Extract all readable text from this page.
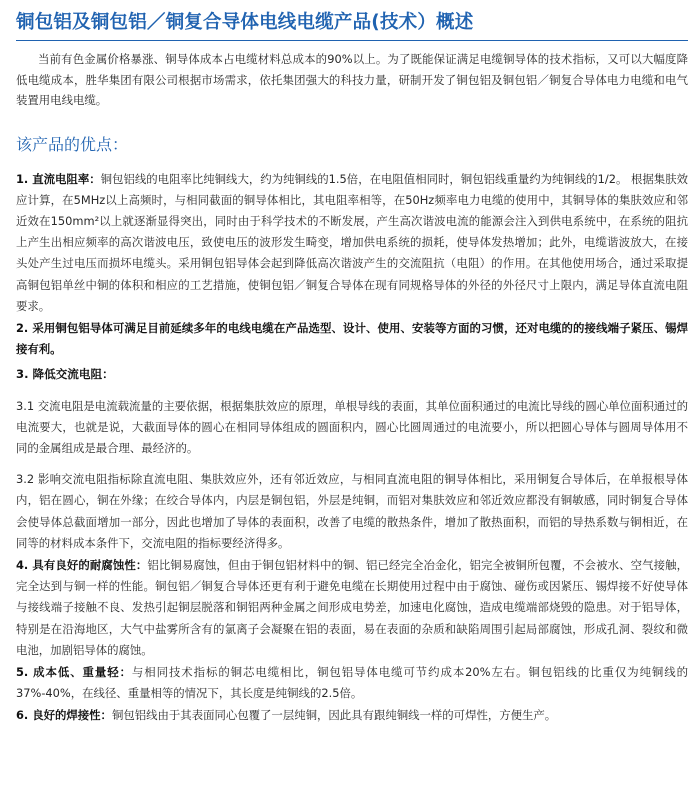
铜包铝及铜包铝／铜复合导体电线电缆产品(技术）概述

当前有色金属价格暴涨、铜导体成本占电缆材料总成本的90%以上。为了既能保证满足电缆铜导体的技术指标，又可以大幅度降低电缆成本，胜华集团有限公司根据市场需求，依托集团强大的科技力量，研制开发了铜包铝及铜包铝／铜复合导体电力电缆和电气装置用电线电缆。

该产品的优点：

1. 直流电阻率：铜包铝线的电阻率比纯铜线大，约为纯铜线的1.5倍，在电阻值相同时，铜包铝线重量约为纯铜线的1/2。 根据集肤效应计算，在5MHz以上高频时，与相同截面的铜导体相比，其电阻率相等，在50Hz频率电力电缆的使用中，其铜导体的集肤效应和邻近效在150mm²以上就逐渐显得突出，同时由于科学技术的不断发展，产生高次谐波电流的能源会注入到供电系统中，在系统的阻抗上产生出相应频率的高次谐波电压，致使电压的波形发生畸变，增加供电系统的损耗，使导体发热增加；此外，电缆谐波放大，在接头处产生过电压而损坏电缆头。采用铜包铝导体会起到降低高次谐波产生的交流阻抗（电阻）的作用。在其他使用场合，通过采取提高铜包铝单丝中铜的体积和相应的工艺措施，使铜包铝／铜复合导体在现有同规格导体的外径的外径尺寸上限内，满足导体直流电阻要求。

2. 采用铜包铝导体可满足目前延续多年的电线电缆在产品选型、设计、使用、安装等方面的习惯，还对电缆的的接线端子紧压、锡焊接有利。

3. 降低交流电阻：

3.1 交流电阻是电流载流量的主要依据，根据集肤效应的原理，单根导线的表面，其单位面积通过的电流比导线的圆心单位面积通过的电流要大，也就是说，大截面导体的圆心在相同导体组成的圆面积内，圆心比圆周通过的电流要小，所以把圆心导体与圆周导体用不同的金属组成是最合理、最经济的。

3.2 影响交流电阻指标除直流电阻、集肤效应外，还有邻近效应，与相同直流电阻的铜导体相比，采用铜复合导体后，在单报根导体内，铝在圆心，铜在外缘；在绞合导体内，内层是铜包铝，外层是纯铜，而铝对集肤效应和邻近效应都没有铜敏感，同时铜复合导体会使导体总截面增加一部分，因此也增加了导体的表面积，改善了电缆的散热条件，增加了散热面积，而铝的导热系数与铜相近，在同等的材料成本条件下，交流电阻的指标要经济得多。

4. 具有良好的耐腐蚀性：铝比铜易腐蚀，但由于铜包铝材料中的铜、铝已经完全冶金化，铝完全被铜所包覆，不会被水、空气接触，完全达到与铜一样的性能。铜包铝／铜复合导体还更有利于避免电缆在长期使用过程中由于腐蚀、碰伤或因紧压、锡焊接不好使导体与接线端子接触不良、发热引起铜层脱落和铜铝两种金属之间形成电势差，加速电化腐蚀，造成电缆端部烧毁的隐患。对于铝导体，特别是在沿海地区，大气中盐雾所含有的氯离子会凝聚在铝的表面，易在表面的杂质和缺陷周围引起局部腐蚀，形成孔洞、裂纹和微电池，加剧铝导体的腐蚀。

5. 成本低、重量轻：与相同技术指标的铜芯电缆相比，铜包铝导体电缆可节约成本20%左右。铜包铝线的比重仅为纯铜线的37%-40%，在线径、重量相等的情况下，其长度是纯铜线的2.5倍。

6. 良好的焊接性：铜包铝线由于其表面同心包覆了一层纯铜，因此具有跟纯铜线一样的可焊性，方便生产。
